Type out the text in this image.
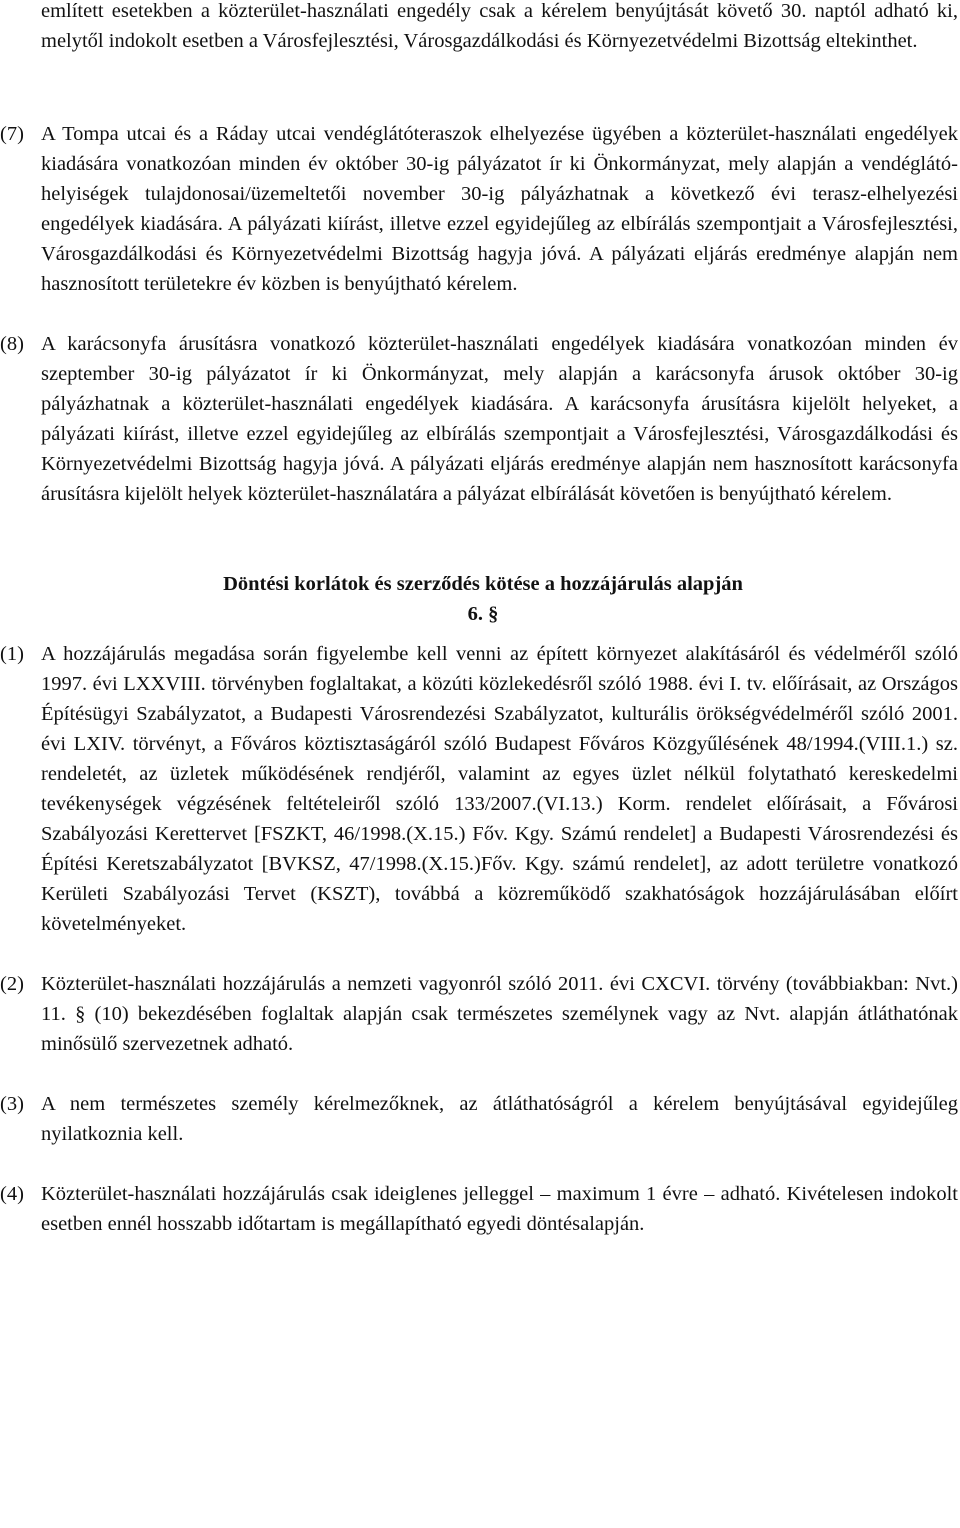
említett esetekben a közterület-használati engedély csak a kérelem benyújtását követő 30. naptól adható ki, melytől indokolt esetben a Városfejlesztési, Városgazdálkodási és Környezetvédelmi Bizottság eltekinthet.
(7) A Tompa utcai és a Ráday utcai vendéglátóteraszok elhelyezése ügyében a közterület-használati engedélyek kiadására vonatkozóan minden év október 30-ig pályázatot ír ki Önkormányzat, mely alapján a vendéglátó-helyiségek tulajdonosai/üzemeltetői november 30-ig pályázhatnak a következő évi terasz-elhelyezési engedélyek kiadására. A pályázati kiírást, illetve ezzel egyidejűleg az elbírálás szempontjait a Városfejlesztési, Városgazdálkodási és Környezetvédelmi Bizottság hagyja jóvá. A pályázati eljárás eredménye alapján nem hasznosított területekre év közben is benyújtható kérelem.
(8) A karácsonyfa árusításra vonatkozó közterület-használati engedélyek kiadására vonatkozóan minden év szeptember 30-ig pályázatot ír ki Önkormányzat, mely alapján a karácsonyfa árusok október 30-ig pályázhatnak a közterület-használati engedélyek kiadására. A karácsonyfa árusításra kijelölt helyeket, a pályázati kiírást, illetve ezzel egyidejűleg az elbírálás szempontjait a Városfejlesztési, Városgazdálkodási és Környezetvédelmi Bizottság hagyja jóvá. A pályázati eljárás eredménye alapján nem hasznosított karácsonyfa árusításra kijelölt helyek közterület-használatára a pályázat elbírálását követően is benyújtható kérelem.
Döntési korlátok és szerződés kötése a hozzájárulás alapján
6. §
(1) A hozzájárulás megadása során figyelembe kell venni az épített környezet alakításáról és védelméről szóló 1997. évi LXXVIII. törvényben foglaltakat, a közúti közlekedésről szóló 1988. évi I. tv. előírásait, az Országos Építésügyi Szabályzatot, a Budapesti Városrendezési Szabályzatot, kulturális örökségvédelméről szóló 2001. évi LXIV. törvényt, a Főváros köztisztaságáról szóló Budapest Főváros Közgyűlésének 48/1994.(VIII.1.) sz. rendeletét, az üzletek működésének rendjéről, valamint az egyes üzlet nélkül folytatható kereskedelmi tevékenységek végzésének feltételeiről szóló 133/2007.(VI.13.) Korm. rendelet előírásait, a Fővárosi Szabályozási Kerettervet [FSZKT, 46/1998.(X.15.) Főv. Kgy. Számú rendelet] a Budapesti Városrendezési és Építési Keretszabályzatot [BVKSZ, 47/1998.(X.15.)Főv. Kgy. számú rendelet], az adott területre vonatkozó Kerületi Szabályozási Tervet (KSZT), továbbá a közreműködő szakhatóságok hozzájárulásában előírt követelményeket.
(2) Közterület-használati hozzájárulás a nemzeti vagyonról szóló 2011. évi CXCVI. törvény (továbbiakban: Nvt.) 11. § (10) bekezdésében foglaltak alapján csak természetes személynek vagy az Nvt. alapján átláthatónak minősülő szervezetnek adható.
(3) A nem természetes személy kérelmezőknek, az átláthatóságról a kérelem benyújtásával egyidejűleg nyilatkoznia kell.
(4) Közterület-használati hozzájárulás csak ideiglenes jelleggel – maximum 1 évre – adható. Kivételesen indokolt esetben ennél hosszabb időtartam is megállapítható egyedi döntésalapján.
